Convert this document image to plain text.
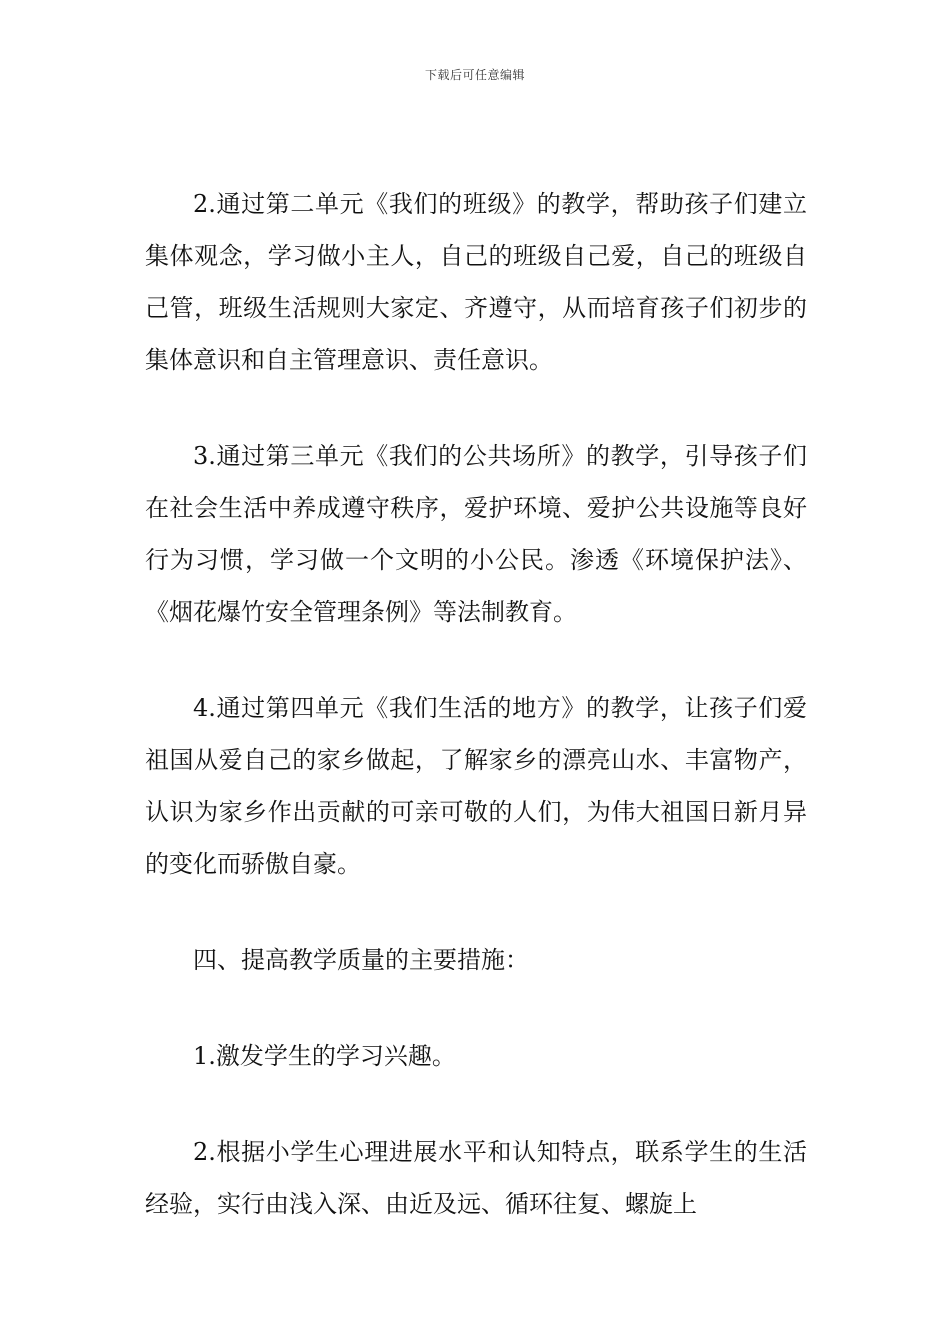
下载后可任意编辑

2.通过第二单元《我们的班级》的教学，帮助孩子们建立集体观念，学习做小主人，自己的班级自己爱，自己的班级自己管，班级生活规则大家定、齐遵守，从而培育孩子们初步的集体意识和自主管理意识、责任意识。

3.通过第三单元《我们的公共场所》的教学，引导孩子们在社会生活中养成遵守秩序，爱护环境、爱护公共设施等良好行为习惯，学习做一个文明的小公民。渗透《环境保护法》、《烟花爆竹安全管理条例》等法制教育。

4.通过第四单元《我们生活的地方》的教学，让孩子们爱祖国从爱自己的家乡做起，了解家乡的漂亮山水、丰富物产，认识为家乡作出贡献的可亲可敬的人们，为伟大祖国日新月异的变化而骄傲自豪。

四、提高教学质量的主要措施：

1.激发学生的学习兴趣。

2.根据小学生心理进展水平和认知特点，联系学生的生活经验，实行由浅入深、由近及远、循环往复、螺旋上
